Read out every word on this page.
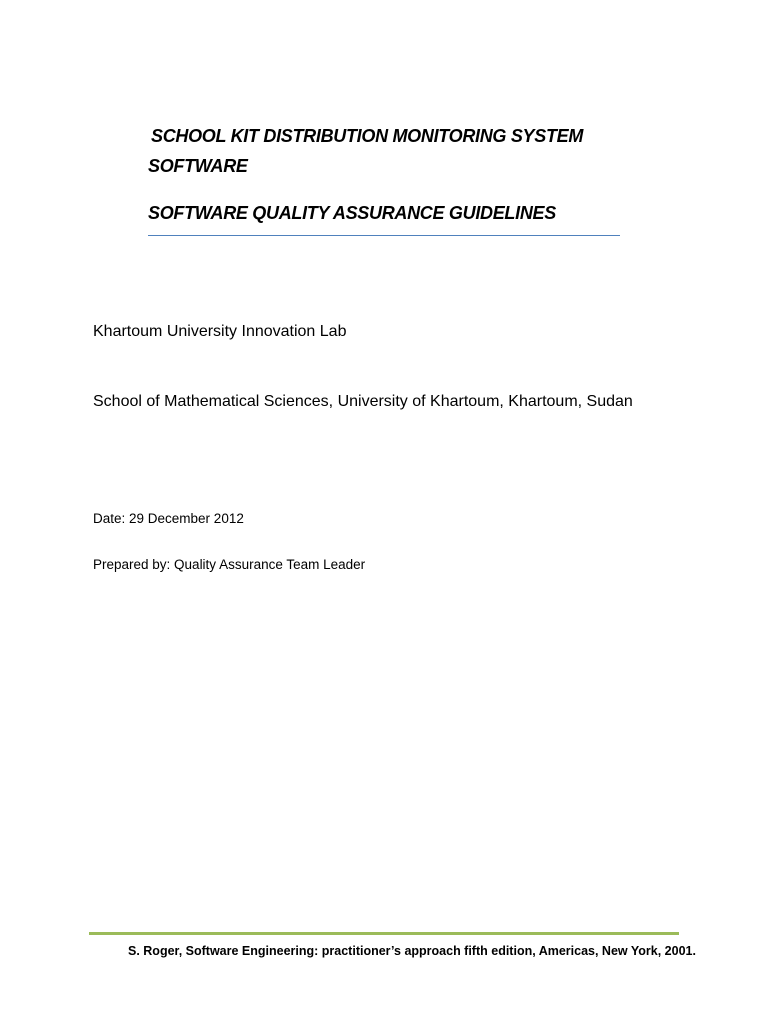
SCHOOL KIT DISTRIBUTION MONITORING SYSTEM
SOFTWARE
SOFTWARE QUALITY ASSURANCE GUIDELINES
Khartoum University Innovation Lab
School of Mathematical Sciences, University of Khartoum, Khartoum, Sudan
Date: 29 December 2012
Prepared by: Quality Assurance Team Leader
S. Roger, Software Engineering: practitioner’s approach fifth edition, Americas, New York, 2001.
